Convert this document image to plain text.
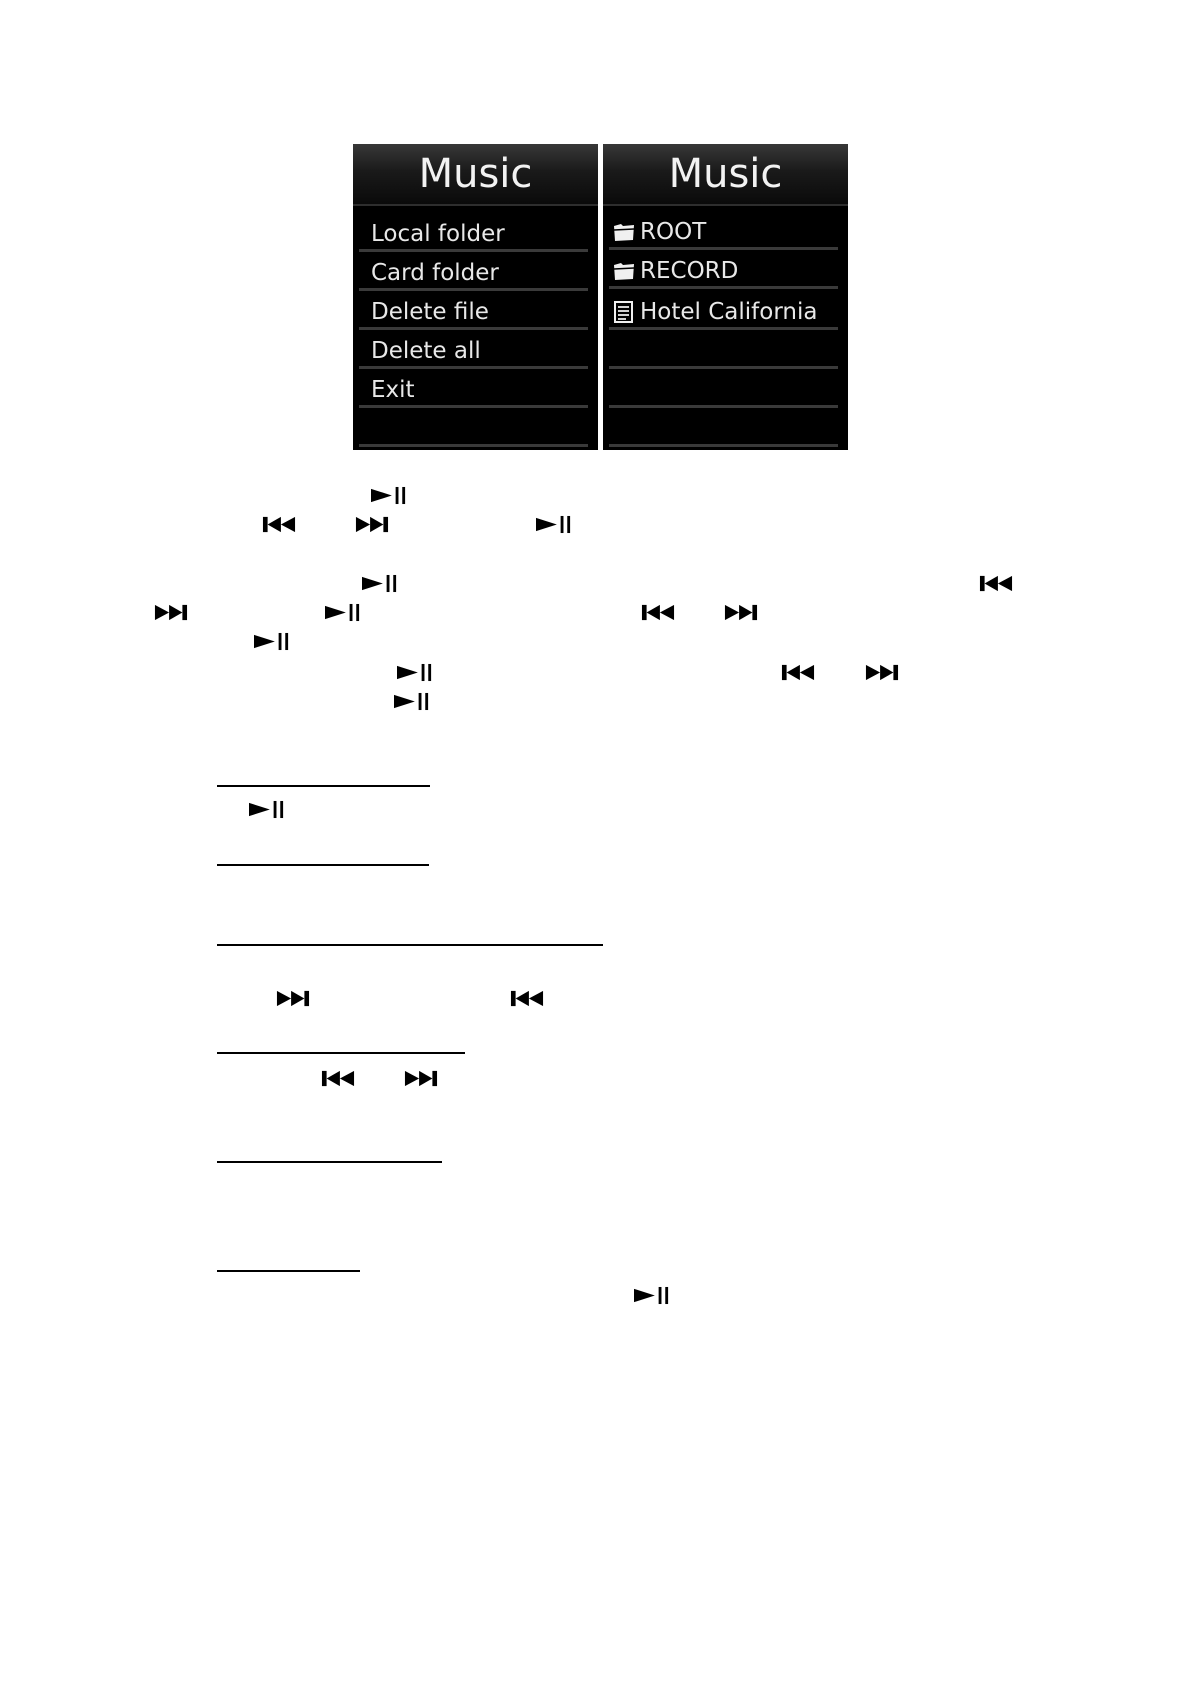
Music
Local folder
Card folder
Delete file
Delete all
Exit
Music
ROOT
RECORD
Hotel California
